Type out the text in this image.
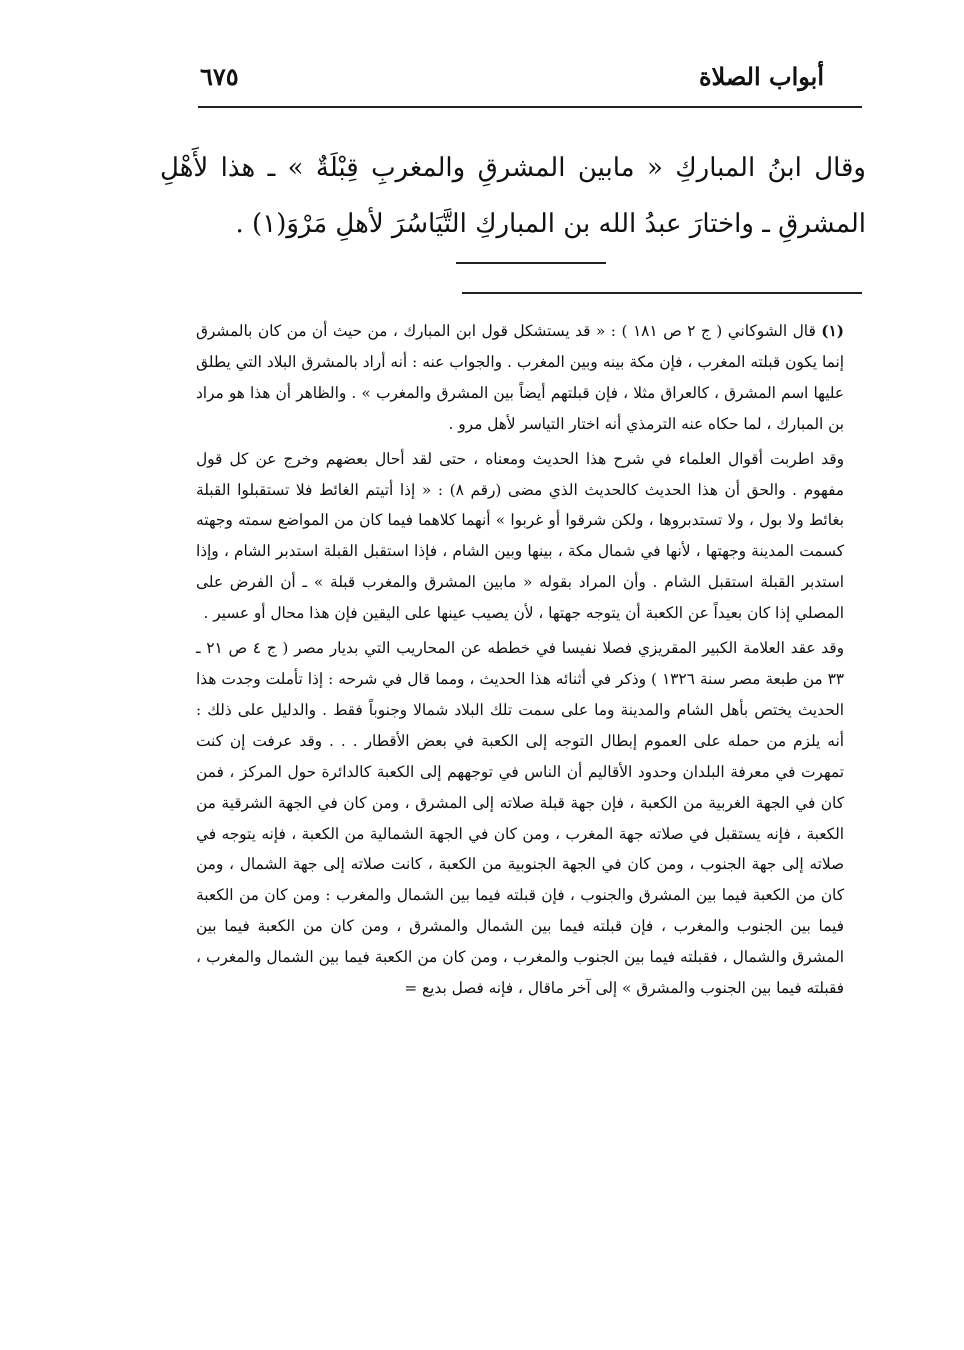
أبواب الصلاة
٦٧٥

وقال ابنُ المباركِ « مابين المشرقِ والمغربِ قِبْلَةٌ » ـ هذا لأَهْلِ المشرقِ ـ واختارَ عبدُ الله بن المباركِ التَّيَاسُرَ لأهلِ مَرْوَ(١) .

(١) قال الشوكاني ( ج ٢ ص ١٨١ ) : « قد يستشكل قول ابن المبارك ، من حيث أن من كان بالمشرق إنما يكون قبلته المغرب ، فإن مكة بينه وبين المغرب . والجواب عنه : أنه أراد بالمشرق البلاد التي يطلق عليها اسم المشرق ، كالعراق مثلا ، فإن قبلتهم أيضاً بين المشرق والمغرب » . والظاهر أن هذا هو مراد بن المبارك ، لما حكاه عنه الترمذي أنه اختار التياسر لأهل مرو .

وقد اطربت أقوال العلماء في شرح هذا الحديث ومعناه ، حتى لقد أحال بعضهم وخرج عن كل قول مفهوم . والحق أن هذا الحديث كالحديث الذي مضى (رقم ٨) : « إذا أتيتم الغائط فلا تستقبلوا القبلة بغائط ولا بول ، ولا تستدبروها ، ولكن شرقوا أو غربوا » أنهما كلاهما فيما كان من المواضع سمته وجهته كسمت المدينة وجهتها ، لأنها في شمال مكة ، بينها وبين الشام ، فإذا استقبل القبلة استدبر الشام ، وإذا استدبر القبلة استقبل الشام . وأن المراد بقوله « مابين المشرق والمغرب قبلة » ـ أن الفرض على المصلي إذا كان بعيداً عن الكعبة أن يتوجه جهتها ، لأن يصيب عينها على اليقين فإن هذا محال أو عسير .

وقد عقد العلامة الكبير المقريزي فصلا نفيسا في خططه عن المحاريب التي بديار مصر ( ج ٤ ص ٢١ ـ ٣٣ من طبعة مصر سنة ١٣٢٦ ) وذكر في أثنائه هذا الحديث ، ومما قال في شرحه : إذا تأملت وجدت هذا الحديث يختص بأهل الشام والمدينة وما على سمت تلك البلاد شمالا وجنوباً فقط . والدليل على ذلك : أنه يلزم من حمله على العموم إبطال التوجه إلى الكعبة في بعض الأقطار . . . وقد عرفت إن كنت تمهرت في معرفة البلدان وحدود الأقاليم أن الناس في توجههم إلى الكعبة كالدائرة حول المركز ، فمن كان في الجهة الغربية من الكعبة ، فإن جهة قبلة صلاته إلى المشرق ، ومن كان في الجهة الشرقية من الكعبة ، فإنه يستقبل في صلاته جهة المغرب ، ومن كان في الجهة الشمالية من الكعبة ، فإنه يتوجه في صلاته إلى جهة الجنوب ، ومن كان في الجهة الجنوبية من الكعبة ، كانت صلاته إلى جهة الشمال ، ومن كان من الكعبة فيما بين المشرق والجنوب ، فإن قبلته فيما بين الشمال والمغرب : ومن كان من الكعبة فيما بين الجنوب والمغرب ، فإن قبلته فيما بين الشمال والمشرق ، ومن كان من الكعبة فيما بين المشرق والشمال ، فقبلته فيما بين الجنوب والمغرب ، ومن كان من الكعبة فيما بين الشمال والمغرب ، فقبلته فيما بين الجنوب والمشرق » إلى آخر ماقال ، فإنه فصل بديع =
